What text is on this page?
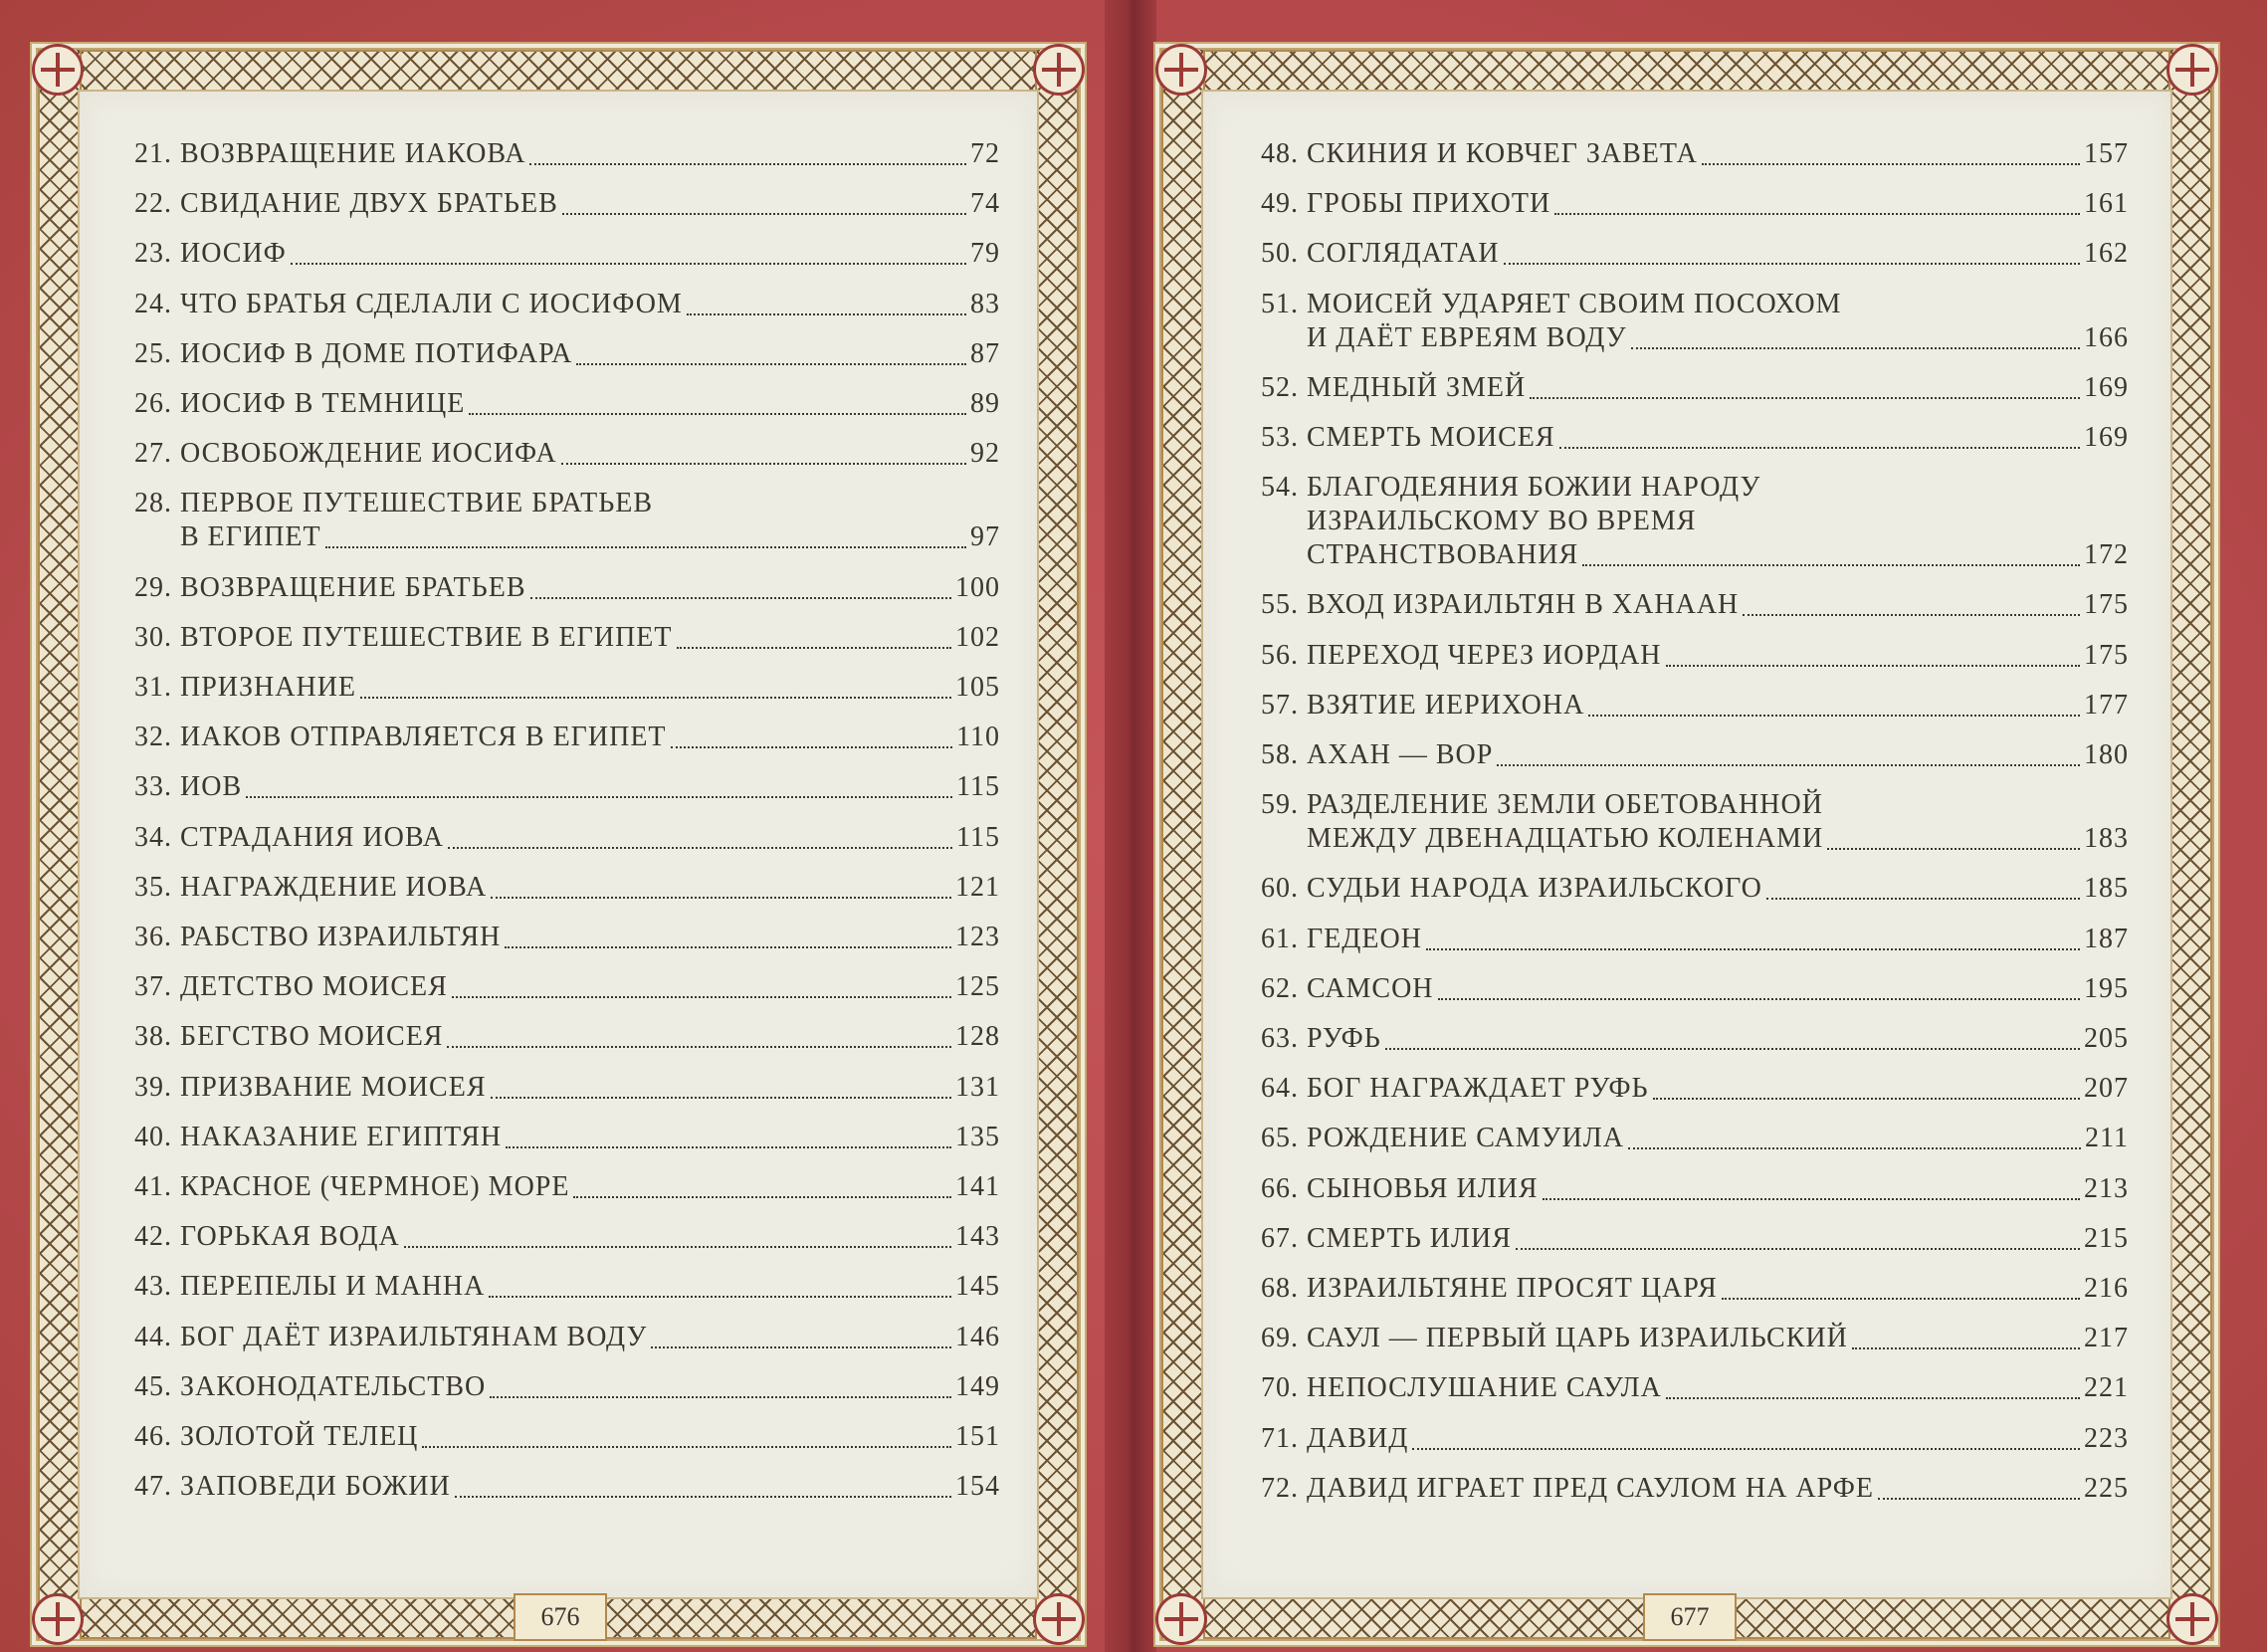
21. ВОЗВРАЩЕНИЕ ИАКОВА	72
22. СВИДАНИЕ ДВУХ БРАТЬЕВ	74
23. ИОСИФ	79
24. ЧТО БРАТЬЯ СДЕЛАЛИ С ИОСИФОМ	83
25. ИОСИФ В ДОМЕ ПОТИФАРА	87
26. ИОСИФ В ТЕМНИЦЕ	89
27. ОСВОБОЖДЕНИЕ ИОСИФА	92
28. ПЕРВОЕ ПУТЕШЕСТВИЕ БРАТЬЕВ
В ЕГИПЕТ	97
29. ВОЗВРАЩЕНИЕ БРАТЬЕВ	100
30. ВТОРОЕ ПУТЕШЕСТВИЕ В ЕГИПЕТ	102
31. ПРИЗНАНИЕ	105
32. ИАКОВ ОТПРАВЛЯЕТСЯ В ЕГИПЕТ	110
33. ИОВ	115
34. СТРАДАНИЯ ИОВА	115
35. НАГРАЖДЕНИЕ ИОВА	121
36. РАБСТВО ИЗРАИЛЬТЯН	123
37. ДЕТСТВО МОИСЕЯ	125
38. БЕГСТВО МОИСЕЯ	128
39. ПРИЗВАНИЕ МОИСЕЯ	131
40. НАКАЗАНИЕ ЕГИПТЯН	135
41. КРАСНОЕ (ЧЕРМНОЕ) МОРЕ	141
42. ГОРЬКАЯ ВОДА	143
43. ПЕРЕПЕЛЫ И МАННА	145
44. БОГ ДАЁТ ИЗРАИЛЬТЯНАМ ВОДУ	146
45. ЗАКОНОДАТЕЛЬСТВО	149
46. ЗОЛОТОЙ ТЕЛЕЦ	151
47. ЗАПОВЕДИ БОЖИИ	154
676
48. СКИНИЯ И КОВЧЕГ ЗАВЕТА	157
49. ГРОБЫ ПРИХОТИ	161
50. СОГЛЯДАТАИ	162
51. МОИСЕЙ УДАРЯЕТ СВОИМ ПОСОХОМ
И ДАЁТ ЕВРЕЯМ ВОДУ	166
52. МЕДНЫЙ ЗМЕЙ	169
53. СМЕРТЬ МОИСЕЯ	169
54. БЛАГОДЕЯНИЯ БОЖИИ НАРОДУ
ИЗРАИЛЬСКОМУ ВО ВРЕМЯ
СТРАНСТВОВАНИЯ	172
55. ВХОД ИЗРАИЛЬТЯН В ХАНААН	175
56. ПЕРЕХОД ЧЕРЕЗ ИОРДАН	175
57. ВЗЯТИЕ ИЕРИХОНА	177
58. АХАН — ВОР	180
59. РАЗДЕЛЕНИЕ ЗЕМЛИ ОБЕТОВАННОЙ
МЕЖДУ ДВЕНАДЦАТЬЮ КОЛЕНАМИ	183
60. СУДЬИ НАРОДА ИЗРАИЛЬСКОГО	185
61. ГЕДЕОН	187
62. САМСОН	195
63. РУФЬ	205
64. БОГ НАГРАЖДАЕТ РУФЬ	207
65. РОЖДЕНИЕ САМУИЛА	211
66. СЫНОВЬЯ ИЛИЯ	213
67. СМЕРТЬ ИЛИЯ	215
68. ИЗРАИЛЬТЯНЕ ПРОСЯТ ЦАРЯ	216
69. САУЛ — ПЕРВЫЙ ЦАРЬ ИЗРАИЛЬСКИЙ	217
70. НЕПОСЛУШАНИЕ САУЛА	221
71. ДАВИД	223
72. ДАВИД ИГРАЕТ ПРЕД САУЛОМ НА АРФЕ	225
677
